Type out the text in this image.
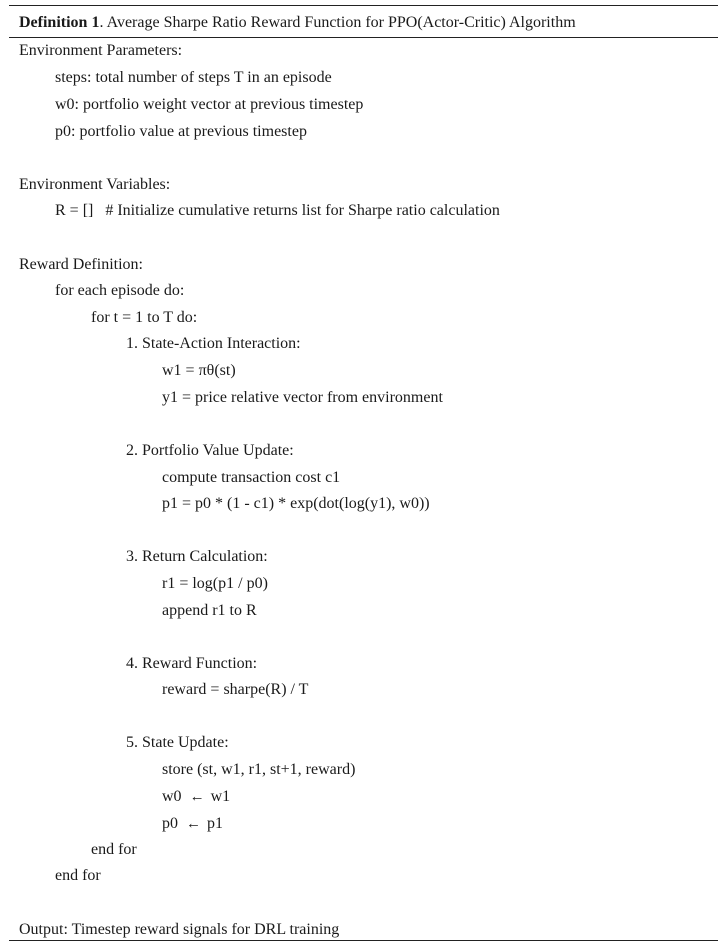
Definition 1. Average Sharpe Ratio Reward Function for PPO(Actor-Critic) Algorithm
Environment Parameters:
steps: total number of steps T in an episode
w0: portfolio weight vector at previous timestep
p0: portfolio value at previous timestep
Environment Variables:
R = []   # Initialize cumulative returns list for Sharpe ratio calculation
Reward Definition:
for each episode do:
for t = 1 to T do:
1. State-Action Interaction:
w1 = πθ(st)
y1 = price relative vector from environment
2. Portfolio Value Update:
compute transaction cost c1
p1 = p0 * (1 - c1) * exp(dot(log(y1), w0))
3. Return Calculation:
r1 = log(p1 / p0)
append r1 to R
4. Reward Function:
reward = sharpe(R) / T
5. State Update:
store (st, w1, r1, st+1, reward)
w0 ← w1
p0 ← p1
end for
end for
Output: Timestep reward signals for DRL training
